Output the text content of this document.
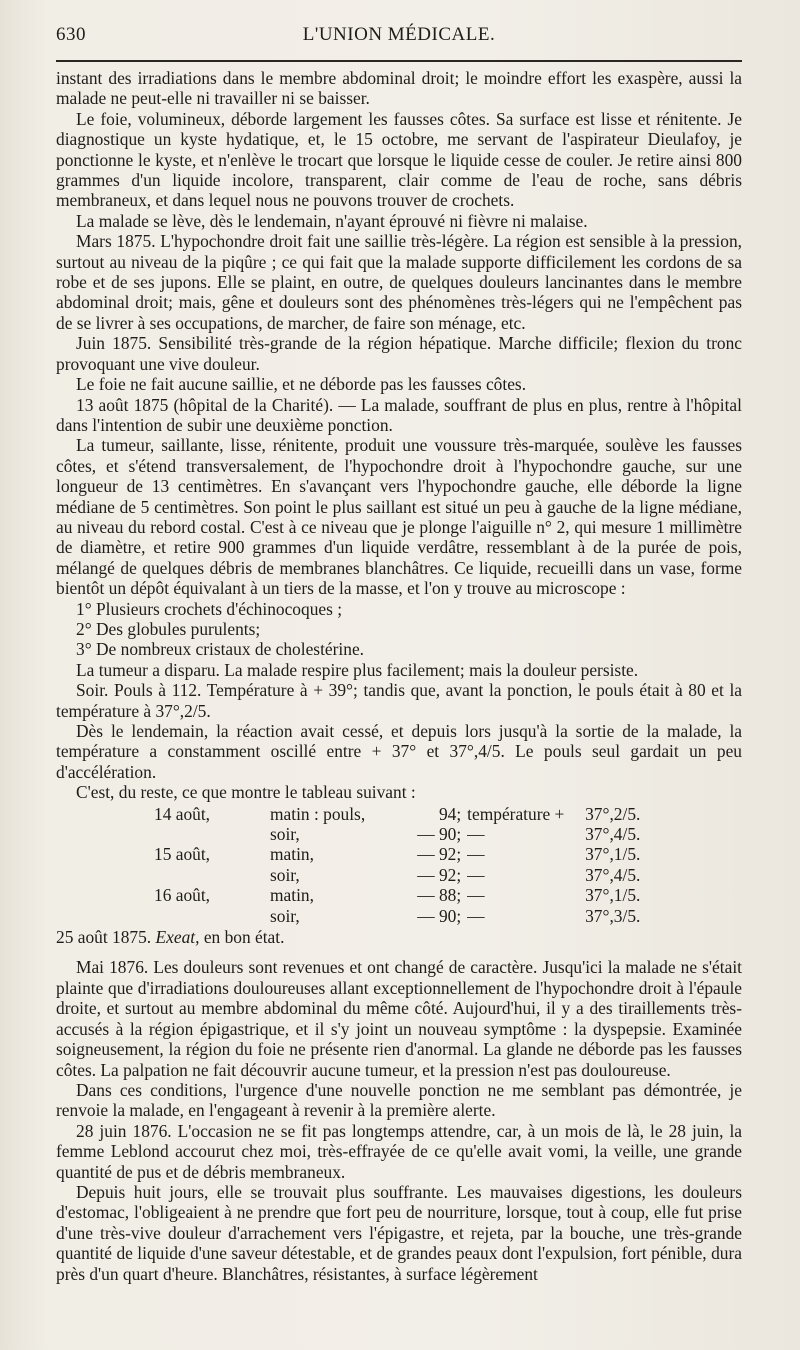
630	L'UNION MÉDICALE.

instant des irradiations dans le membre abdominal droit; le moindre effort les exaspère, aussi la malade ne peut-elle ni travailler ni se baisser.

Le foie, volumineux, déborde largement les fausses côtes. Sa surface est lisse et rénitente. Je diagnostique un kyste hydatique, et, le 15 octobre, me servant de l'aspirateur Dieulafoy, je ponctionne le kyste, et n'enlève le trocart que lorsque le liquide cesse de couler. Je retire ainsi 800 grammes d'un liquide incolore, transparent, clair comme de l'eau de roche, sans débris membraneux, et dans lequel nous ne pouvons trouver de crochets.

La malade se lève, dès le lendemain, n'ayant éprouvé ni fièvre ni malaise.

Mars 1875. L'hypochondre droit fait une saillie très-légère. La région est sensible à la pression, surtout au niveau de la piqûre ; ce qui fait que la malade supporte difficilement les cordons de sa robe et de ses jupons. Elle se plaint, en outre, de quelques douleurs lancinantes dans le membre abdominal droit; mais, gêne et douleurs sont des phénomènes très-légers qui ne l'empêchent pas de se livrer à ses occupations, de marcher, de faire son ménage, etc.

Juin 1875. Sensibilité très-grande de la région hépatique. Marche difficile; flexion du tronc provoquant une vive douleur.

Le foie ne fait aucune saillie, et ne déborde pas les fausses côtes.

13 août 1875 (hôpital de la Charité). — La malade, souffrant de plus en plus, rentre à l'hôpital dans l'intention de subir une deuxième ponction.

La tumeur, saillante, lisse, rénitente, produit une voussure très-marquée, soulève les fausses côtes, et s'étend transversalement, de l'hypochondre droit à l'hypochondre gauche, sur une longueur de 13 centimètres. En s'avançant vers l'hypochondre gauche, elle déborde la ligne médiane de 5 centimètres. Son point le plus saillant est situé un peu à gauche de la ligne médiane, au niveau du rebord costal. C'est à ce niveau que je plonge l'aiguille n° 2, qui mesure 1 millimètre de diamètre, et retire 900 grammes d'un liquide verdâtre, ressemblant à de la purée de pois, mélangé de quelques débris de membranes blanchâtres. Ce liquide, recueilli dans un vase, forme bientôt un dépôt équivalant à un tiers de la masse, et l'on y trouve au microscope :

1° Plusieurs crochets d'échinocoques ;

2° Des globules purulents;

3° De nombreux cristaux de cholestérine.

La tumeur a disparu. La malade respire plus facilement; mais la douleur persiste.

Soir. Pouls à 112. Température à + 39°; tandis que, avant la ponction, le pouls était à 80 et la température à 37°,2/5.

Dès le lendemain, la réaction avait cessé, et depuis lors jusqu'à la sortie de la malade, la température a constamment oscillé entre + 37° et 37°,4/5. Le pouls seul gardait un peu d'accélération.

C'est, du reste, ce que montre le tableau suivant :

14 août,	matin : pouls,	94;	température +	37°,2/5.
	soir,	— 90;	—	37°,4/5.
15 août,	matin,	— 92;	—	37°,1/5.
	soir,	— 92;	—	37°,4/5.
16 août,	matin,	— 88;	—	37°,1/5.
	soir,	— 90;	—	37°,3/5.

25 août 1875. Exeat, en bon état.

Mai 1876. Les douleurs sont revenues et ont changé de caractère. Jusqu'ici la malade ne s'était plainte que d'irradiations douloureuses allant exceptionnellement de l'hypochondre droit à l'épaule droite, et surtout au membre abdominal du même côté. Aujourd'hui, il y a des tiraillements très-accusés à la région épigastrique, et il s'y joint un nouveau symptôme : la dyspepsie. Examinée soigneusement, la région du foie ne présente rien d'anormal. La glande ne déborde pas les fausses côtes. La palpation ne fait découvrir aucune tumeur, et la pression n'est pas douloureuse.

Dans ces conditions, l'urgence d'une nouvelle ponction ne me semblant pas démontrée, je renvoie la malade, en l'engageant à revenir à la première alerte.

28 juin 1876. L'occasion ne se fit pas longtemps attendre, car, à un mois de là, le 28 juin, la femme Leblond accourut chez moi, très-effrayée de ce qu'elle avait vomi, la veille, une grande quantité de pus et de débris membraneux.

Depuis huit jours, elle se trouvait plus souffrante. Les mauvaises digestions, les douleurs d'estomac, l'obligeaient à ne prendre que fort peu de nourriture, lorsque, tout à coup, elle fut prise d'une très-vive douleur d'arrachement vers l'épigastre, et rejeta, par la bouche, une très-grande quantité de liquide d'une saveur détestable, et de grandes peaux dont l'expulsion, fort pénible, dura près d'un quart d'heure. Blanchâtres, résistantes, à surface légèrement
